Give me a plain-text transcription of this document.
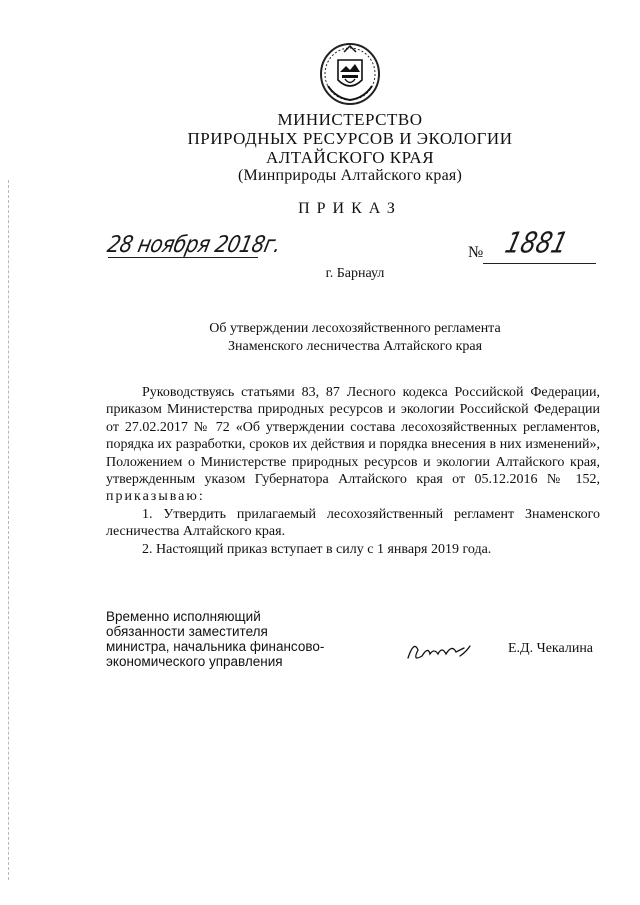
МИНИСТЕРСТВО
ПРИРОДНЫХ РЕСУРСОВ И ЭКОЛОГИИ
АЛТАЙСКОГО КРАЯ
(Минприроды Алтайского края)
ПРИКАЗ
28 ноября 2018г.	№ 1881
г. Барнаул
Об утверждении лесохозяйственного регламента
Знаменского лесничества Алтайского края

Руководствуясь статьями 83, 87 Лесного кодекса Российской Федерации, приказом Министерства природных ресурсов и экологии Российской Федерации от 27.02.2017 № 72 «Об утверждении состава лесохозяйственных регламентов, порядка их разработки, сроков их действия и порядка внесения в них изменений», Положением о Министерстве природных ресурсов и экологии Алтайского края, утвержденным указом Губернатора Алтайского края от 05.12.2016 № 152, приказываю:

1. Утвердить прилагаемый лесохозяйственный регламент Знаменского лесничества Алтайского края.

2. Настоящий приказ вступает в силу с 1 января 2019 года.

Временно исполняющий
обязанности заместителя
министра, начальника финансово-
экономического управления
Е.Д. Чекалина
